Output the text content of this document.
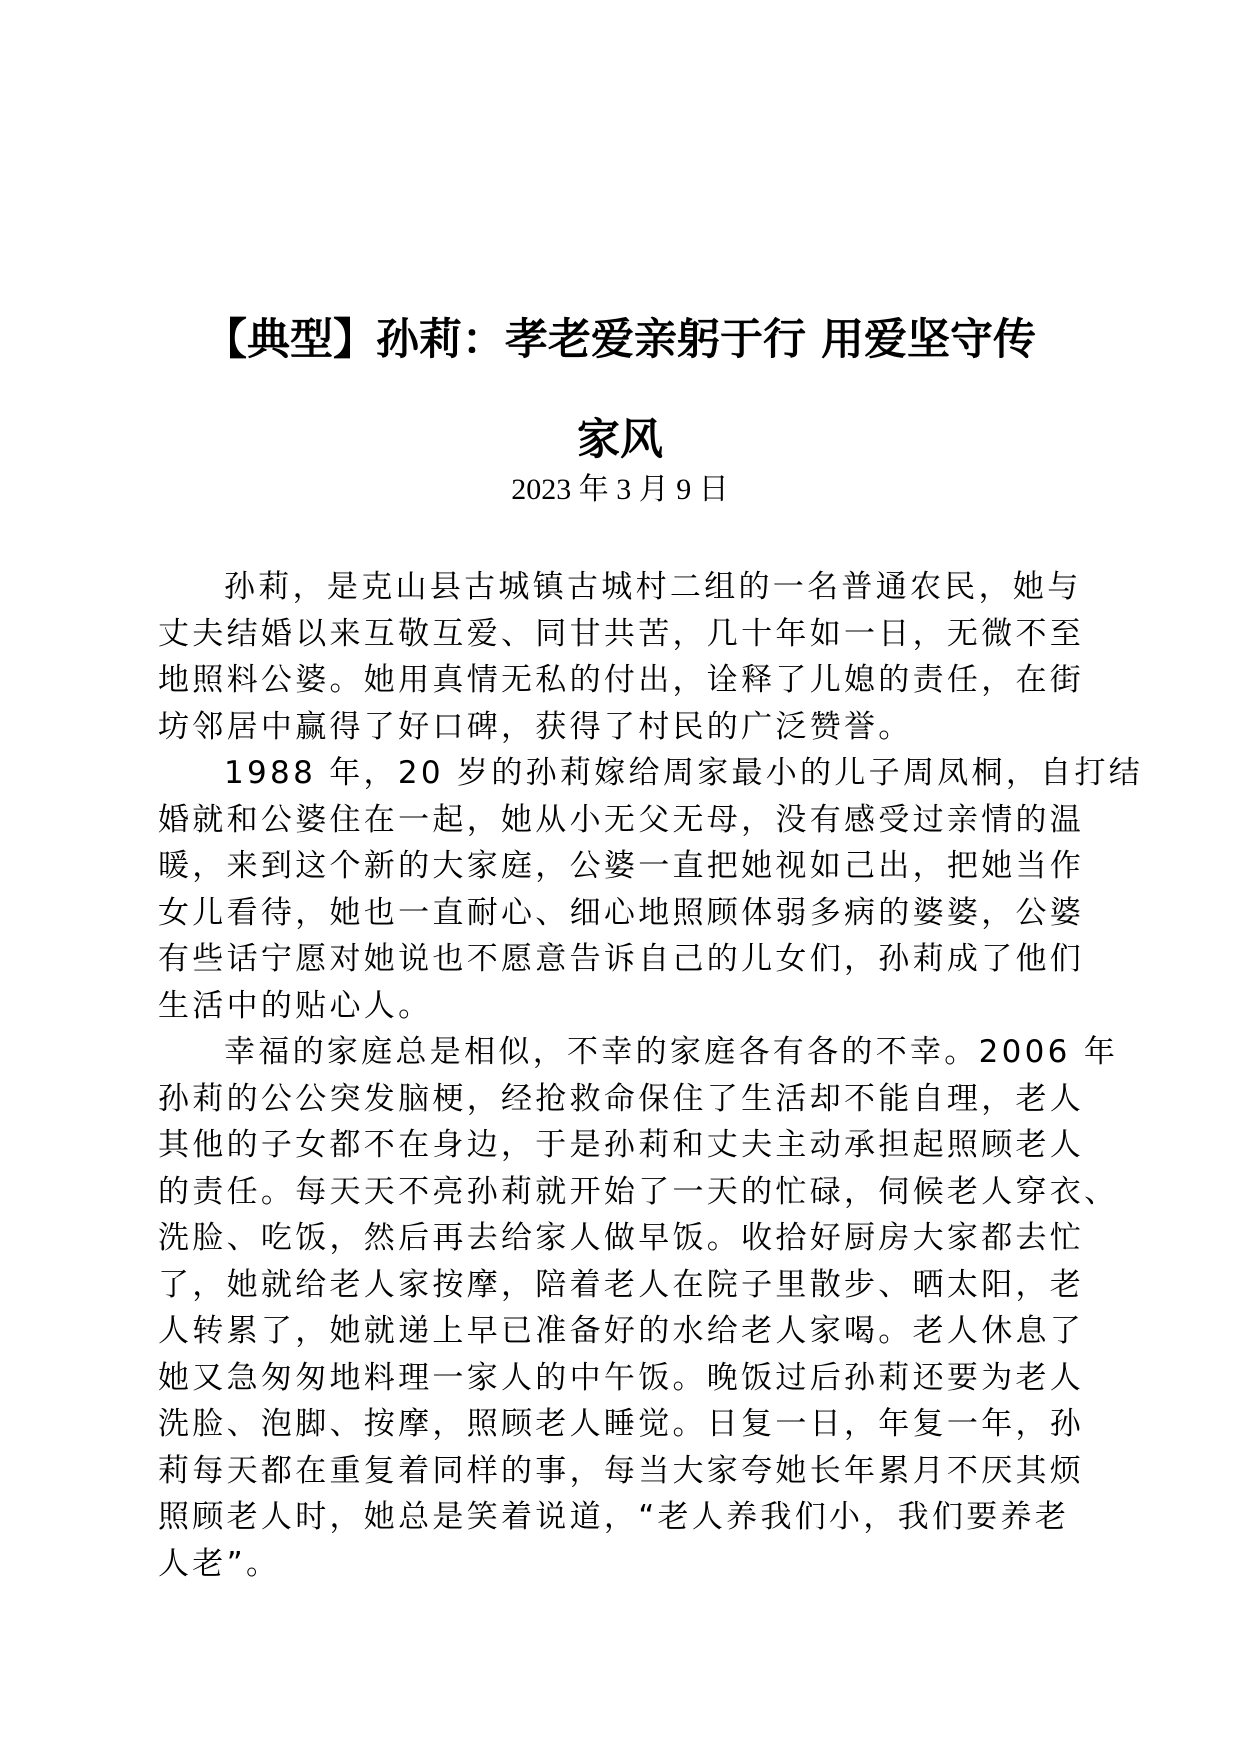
【典型】孙莉：孝老爱亲躬于行 用爱坚守传
家风
2023 年 3 月 9 日
孙莉，是克山县古城镇古城村二组的一名普通农民，她与
丈夫结婚以来互敬互爱、同甘共苦，几十年如一日，无微不至
地照料公婆。她用真情无私的付出，诠释了儿媳的责任，在街
坊邻居中赢得了好口碑，获得了村民的广泛赞誉。
1988 年，20 岁的孙莉嫁给周家最小的儿子周凤桐，自打结
婚就和公婆住在一起，她从小无父无母，没有感受过亲情的温
暖，来到这个新的大家庭，公婆一直把她视如己出，把她当作
女儿看待，她也一直耐心、细心地照顾体弱多病的婆婆，公婆
有些话宁愿对她说也不愿意告诉自己的儿女们，孙莉成了他们
生活中的贴心人。
幸福的家庭总是相似，不幸的家庭各有各的不幸。2006 年
孙莉的公公突发脑梗，经抢救命保住了生活却不能自理，老人
其他的子女都不在身边，于是孙莉和丈夫主动承担起照顾老人
的责任。每天天不亮孙莉就开始了一天的忙碌，伺候老人穿衣、
洗脸、吃饭，然后再去给家人做早饭。收拾好厨房大家都去忙
了，她就给老人家按摩，陪着老人在院子里散步、晒太阳，老
人转累了，她就递上早已准备好的水给老人家喝。老人休息了
她又急匆匆地料理一家人的中午饭。晚饭过后孙莉还要为老人
洗脸、泡脚、按摩，照顾老人睡觉。日复一日，年复一年，孙
莉每天都在重复着同样的事，每当大家夸她长年累月不厌其烦
照顾老人时，她总是笑着说道，“老人养我们小，我们要养老
人老”。
